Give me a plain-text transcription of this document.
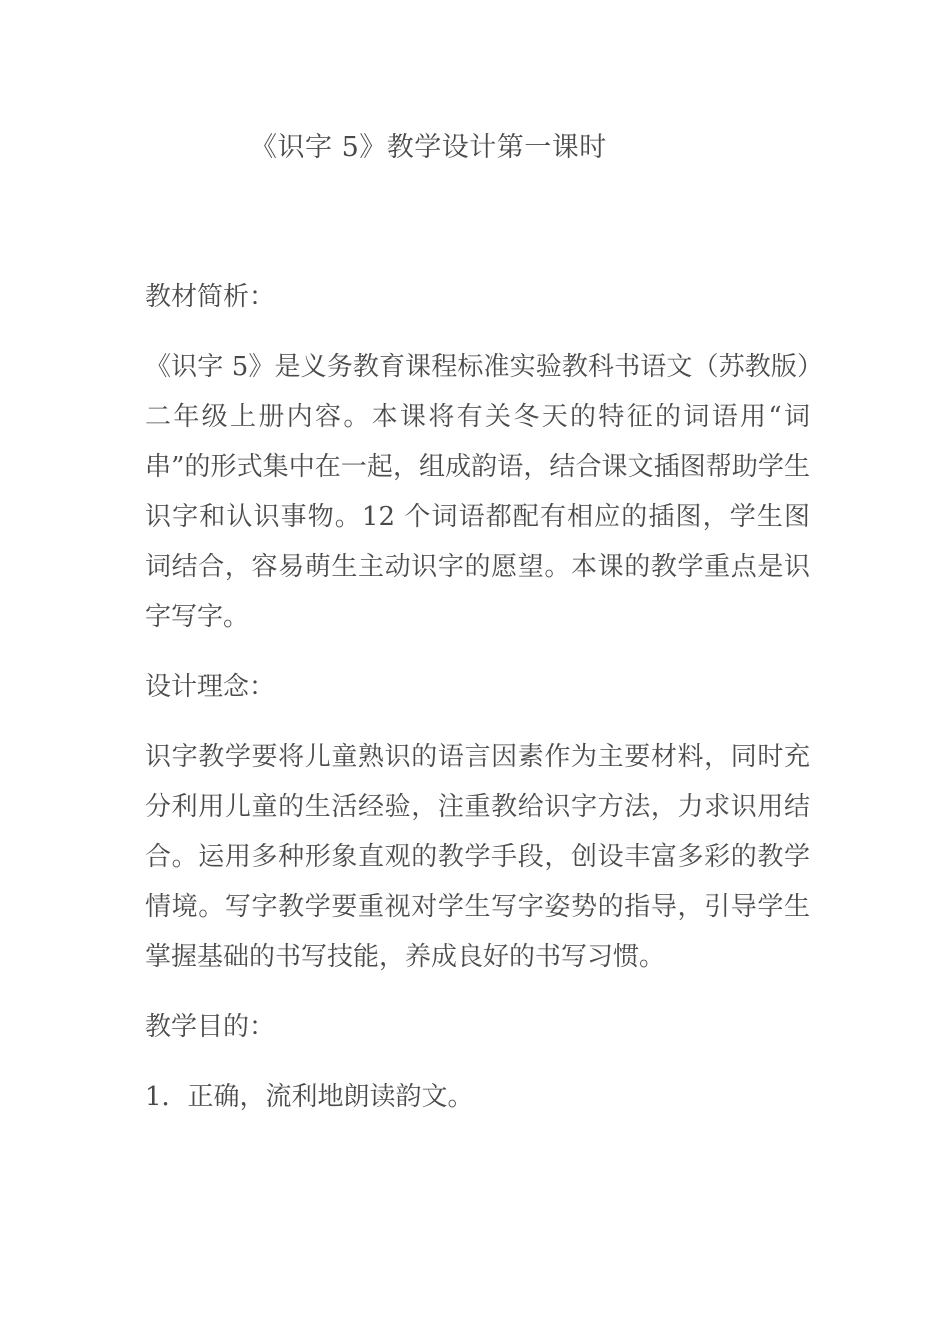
《识字 5》教学设计第一课时

教材简析：

《识字 5》是义务教育课程标准实验教科书语文（苏教版）二年级上册内容。本课将有关冬天的特征的词语用“词串”的形式集中在一起，组成韵语，结合课文插图帮助学生识字和认识事物。12 个词语都配有相应的插图，学生图词结合，容易萌生主动识字的愿望。本课的教学重点是识字写字。

设计理念：

识字教学要将儿童熟识的语言因素作为主要材料，同时充分利用儿童的生活经验，注重教给识字方法，力求识用结合。运用多种形象直观的教学手段，创设丰富多彩的教学情境。写字教学要重视对学生写字姿势的指导，引导学生掌握基础的书写技能，养成良好的书写习惯。

教学目的：

1．正确，流利地朗读韵文。
